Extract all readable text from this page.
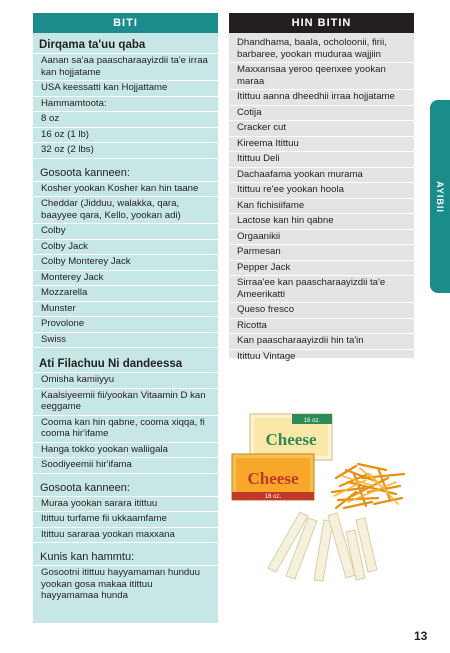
BITI
Dirqama ta'uu qaba
Aanan sa'aa paascharaayizdii ta'e irraa kan hojjatame
USA keessatti kan Hojjattame
Hammamtoota:
8 oz
16 oz (1 lb)
32 oz (2 lbs)
Gosoota kanneen:
Kosher yookan Kosher kan hin taane
Cheddar (Jidduu, walakka, qara, baayyee qara, Kello, yookan adi)
Colby
Colby Jack
Colby Monterey Jack
Monterey Jack
Mozzarella
Munster
Provolone
Swiss
Ati Filachuu Ni dandeessa
Omisha kamiiyyu
Kaalsiyeemii fii/yookan Vitaamin D kan eeggame
Cooma kan hin qabne, cooma xiqqa, fi cooma hir'ifame
Hanga tokko yookan waliigala
Soodiyeemii hir'ifama
Gosoota kanneen:
Muraa yookan sarara itittuu
Itittuu turfame fii ukkaamfame
Itittuu sararaa yookan maxxana
Kunis kan hammtu:
Gosootni itittuu hayyamaman hunduu yookan gosa makaa itittuu hayyamamaa hunda
HIN BITIN
Dhandhama, baala, ocholoonii, firii, barbaree, yookan muduraa wajjiin
Maxxansaa yeroo qeenxee yookan maraa
Itittuu aanna dheedhii irraa hojjatame
Cotija
Cracker cut
Kireema Itittuu
Itittuu Deli
Dachaafama yookan murama
Itittuu re'ee yookan hoola
Kan fichisiifame
Lactose kan hin qabne
Orgaanikii
Parmesan
Pepper Jack
Sirraa'ee kan paascharaayizdii ta'e Ameerikatti
Queso fresco
Ricotta
Kan paascharaayizdii hin ta'in
Itittuu Vintage
AYIBII
16 oz.
Cheese
16 oz.
Cheese
13
